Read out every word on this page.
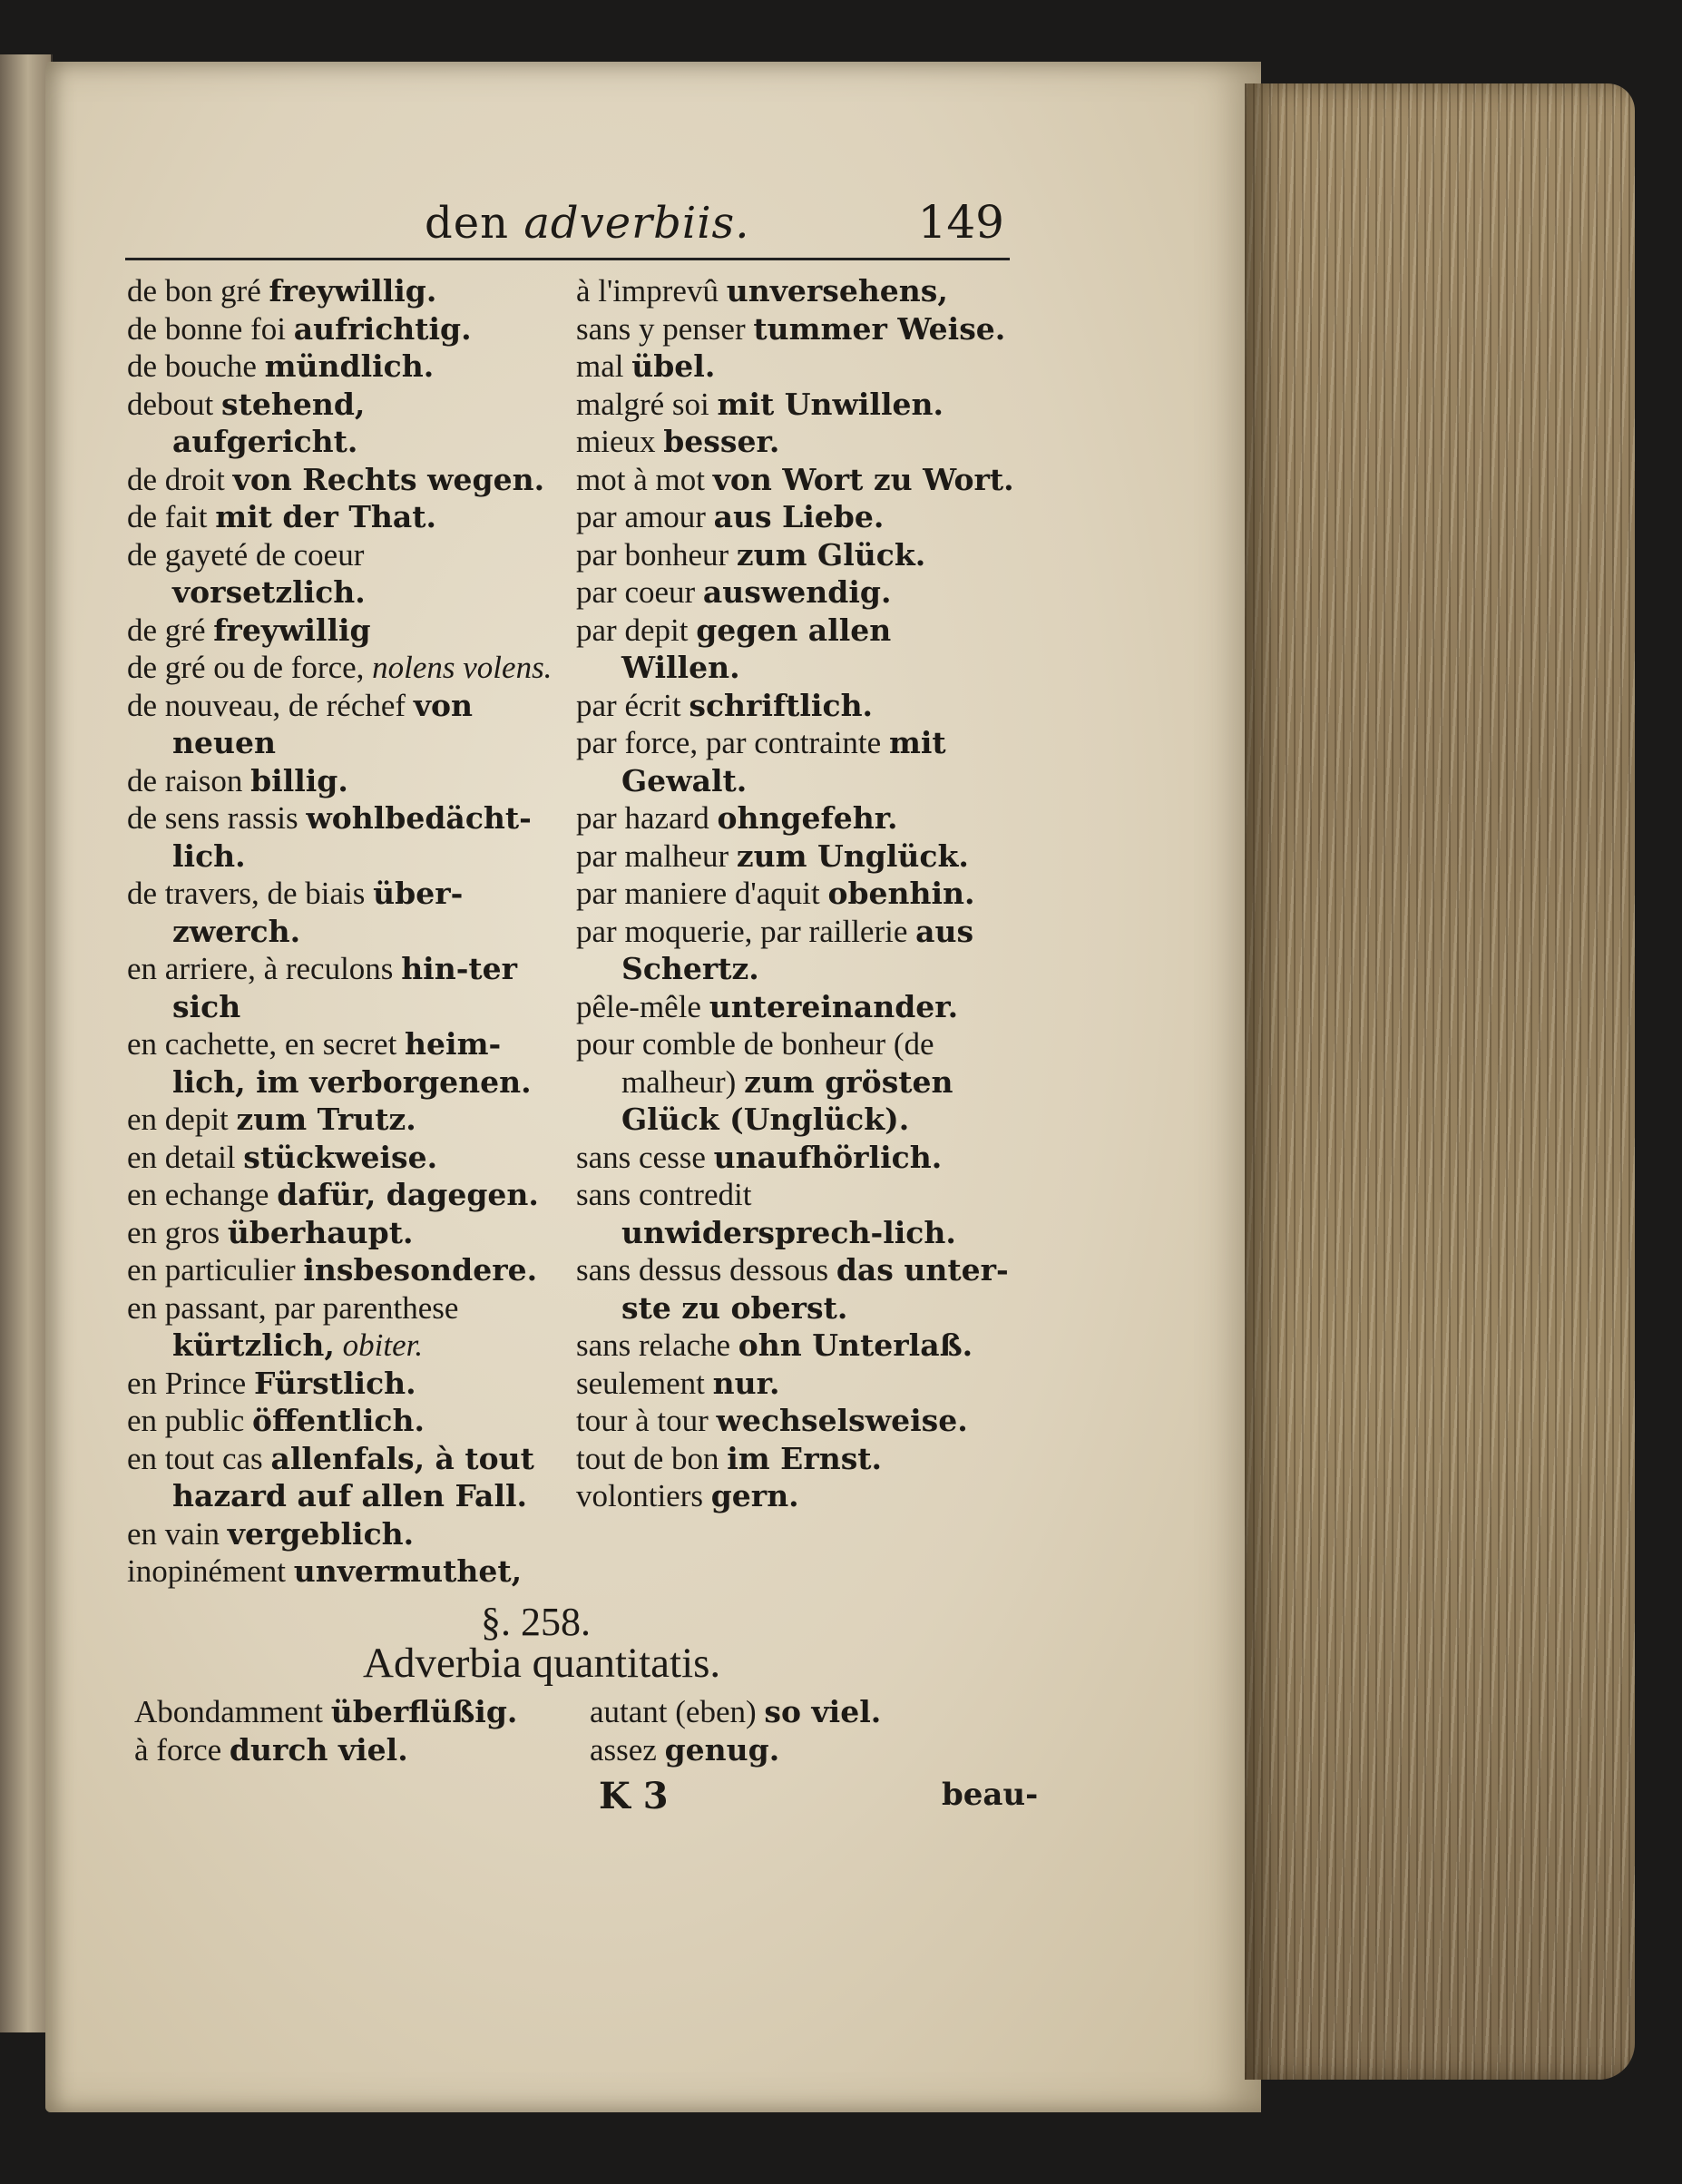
den adverbiis.	149

de bon gré freywillig.

de bonne foi aufrichtig.

de bouche mündlich.

debout stehend, aufgericht.

de droit von Rechts wegen.

de fait mit der That.

de gayeté de coeur vorsetzlich.

de gré freywillig

de gré ou de force, nolens volens.

de nouveau, de réchef von neuen

de raison billig.

de sens rassis wohlbedächt-lich.

de travers, de biais über-zwerch.

en arriere, à reculons hin-ter sich

en cachette, en secret heim-lich, im verborgenen.

en depit zum Trutz.

en detail stückweise.

en echange dafür, dagegen.

en gros überhaupt.

en particulier insbesondere.

en passant, par parenthese kürtzlich, obiter.

en Prince Fürstlich.

en public öffentlich.

en tout cas allenfals, à tout hazard auf allen Fall.

en vain vergeblich.

inopinément unvermuthet,

à l'imprevû unversehens,

sans y penser tummer Weise.

mal übel.

malgré soi mit Unwillen.

mieux besser.

mot à mot von Wort zu Wort.

par amour aus Liebe.

par bonheur zum Glück.

par coeur auswendig.

par depit gegen allen Willen.

par écrit schriftlich.

par force, par contrainte mit Gewalt.

par hazard ohngefehr.

par malheur zum Unglück.

par maniere d'aquit obenhin.

par moquerie, par raillerie aus Schertz.

pêle-mêle untereinander.

pour comble de bonheur (de malheur) zum grösten Glück (Unglück).

sans cesse unaufhörlich.

sans contredit unwidersprech-lich.

sans dessus dessous das unter-ste zu oberst.

sans relache ohn Unterlaß.

seulement nur.

tour à tour wechselsweise.

tout de bon im Ernst.

volontiers gern.

§. 258.
Adverbia quantitatis.

Abondamment überflüßig.

à force durch viel.

autant (eben) so viel.

assez genug.

K 3	beau-
